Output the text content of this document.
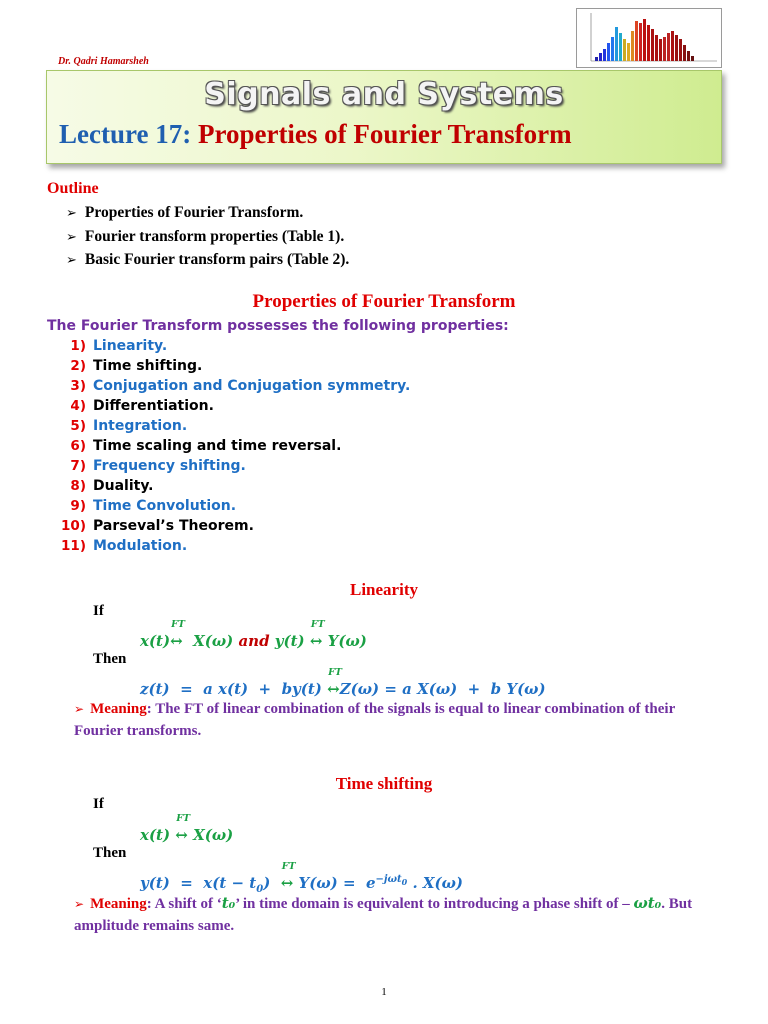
Dr. Qadri Hamarsheh
Signals and Systems
Lecture 17: Properties of Fourier Transform
Outline
➢ Properties of Fourier Transform.
➢ Fourier transform properties (Table 1).
➢ Basic Fourier transform pairs (Table 2).
Properties of Fourier Transform
The Fourier Transform possesses the following properties:
1) Linearity.
2) Time shifting.
3) Conjugation and Conjugation symmetry.
4) Differentiation.
5) Integration.
6) Time scaling and time reversal.
7) Frequency shifting.
8) Duality.
9) Time Convolution.
10) Parseval’s Theorem.
11) Modulation.
Linearity
If
x(t)
FT
↔  X(ω) and y(t)
FT
↔ Y(ω)
Then
z(t)  =  a x(t)  +  by(t)
FT
↔Z(ω) = a X(ω)  +  b Y(ω)
➢ Meaning: The FT of linear combination of the signals is equal to linear combination of their Fourier transforms.
Time shifting
If
x(t)
FT
↔ X(ω)
Then
$y(t) = x(t - t_0)$
FT
↔ $Y(\omega) = e^{-j\omega t_0}$ . X(ω)
➢ Meaning: A shift of ‘t₀’ in time domain is equivalent to introducing a phase shift of – ωt₀. But amplitude remains same.
1
